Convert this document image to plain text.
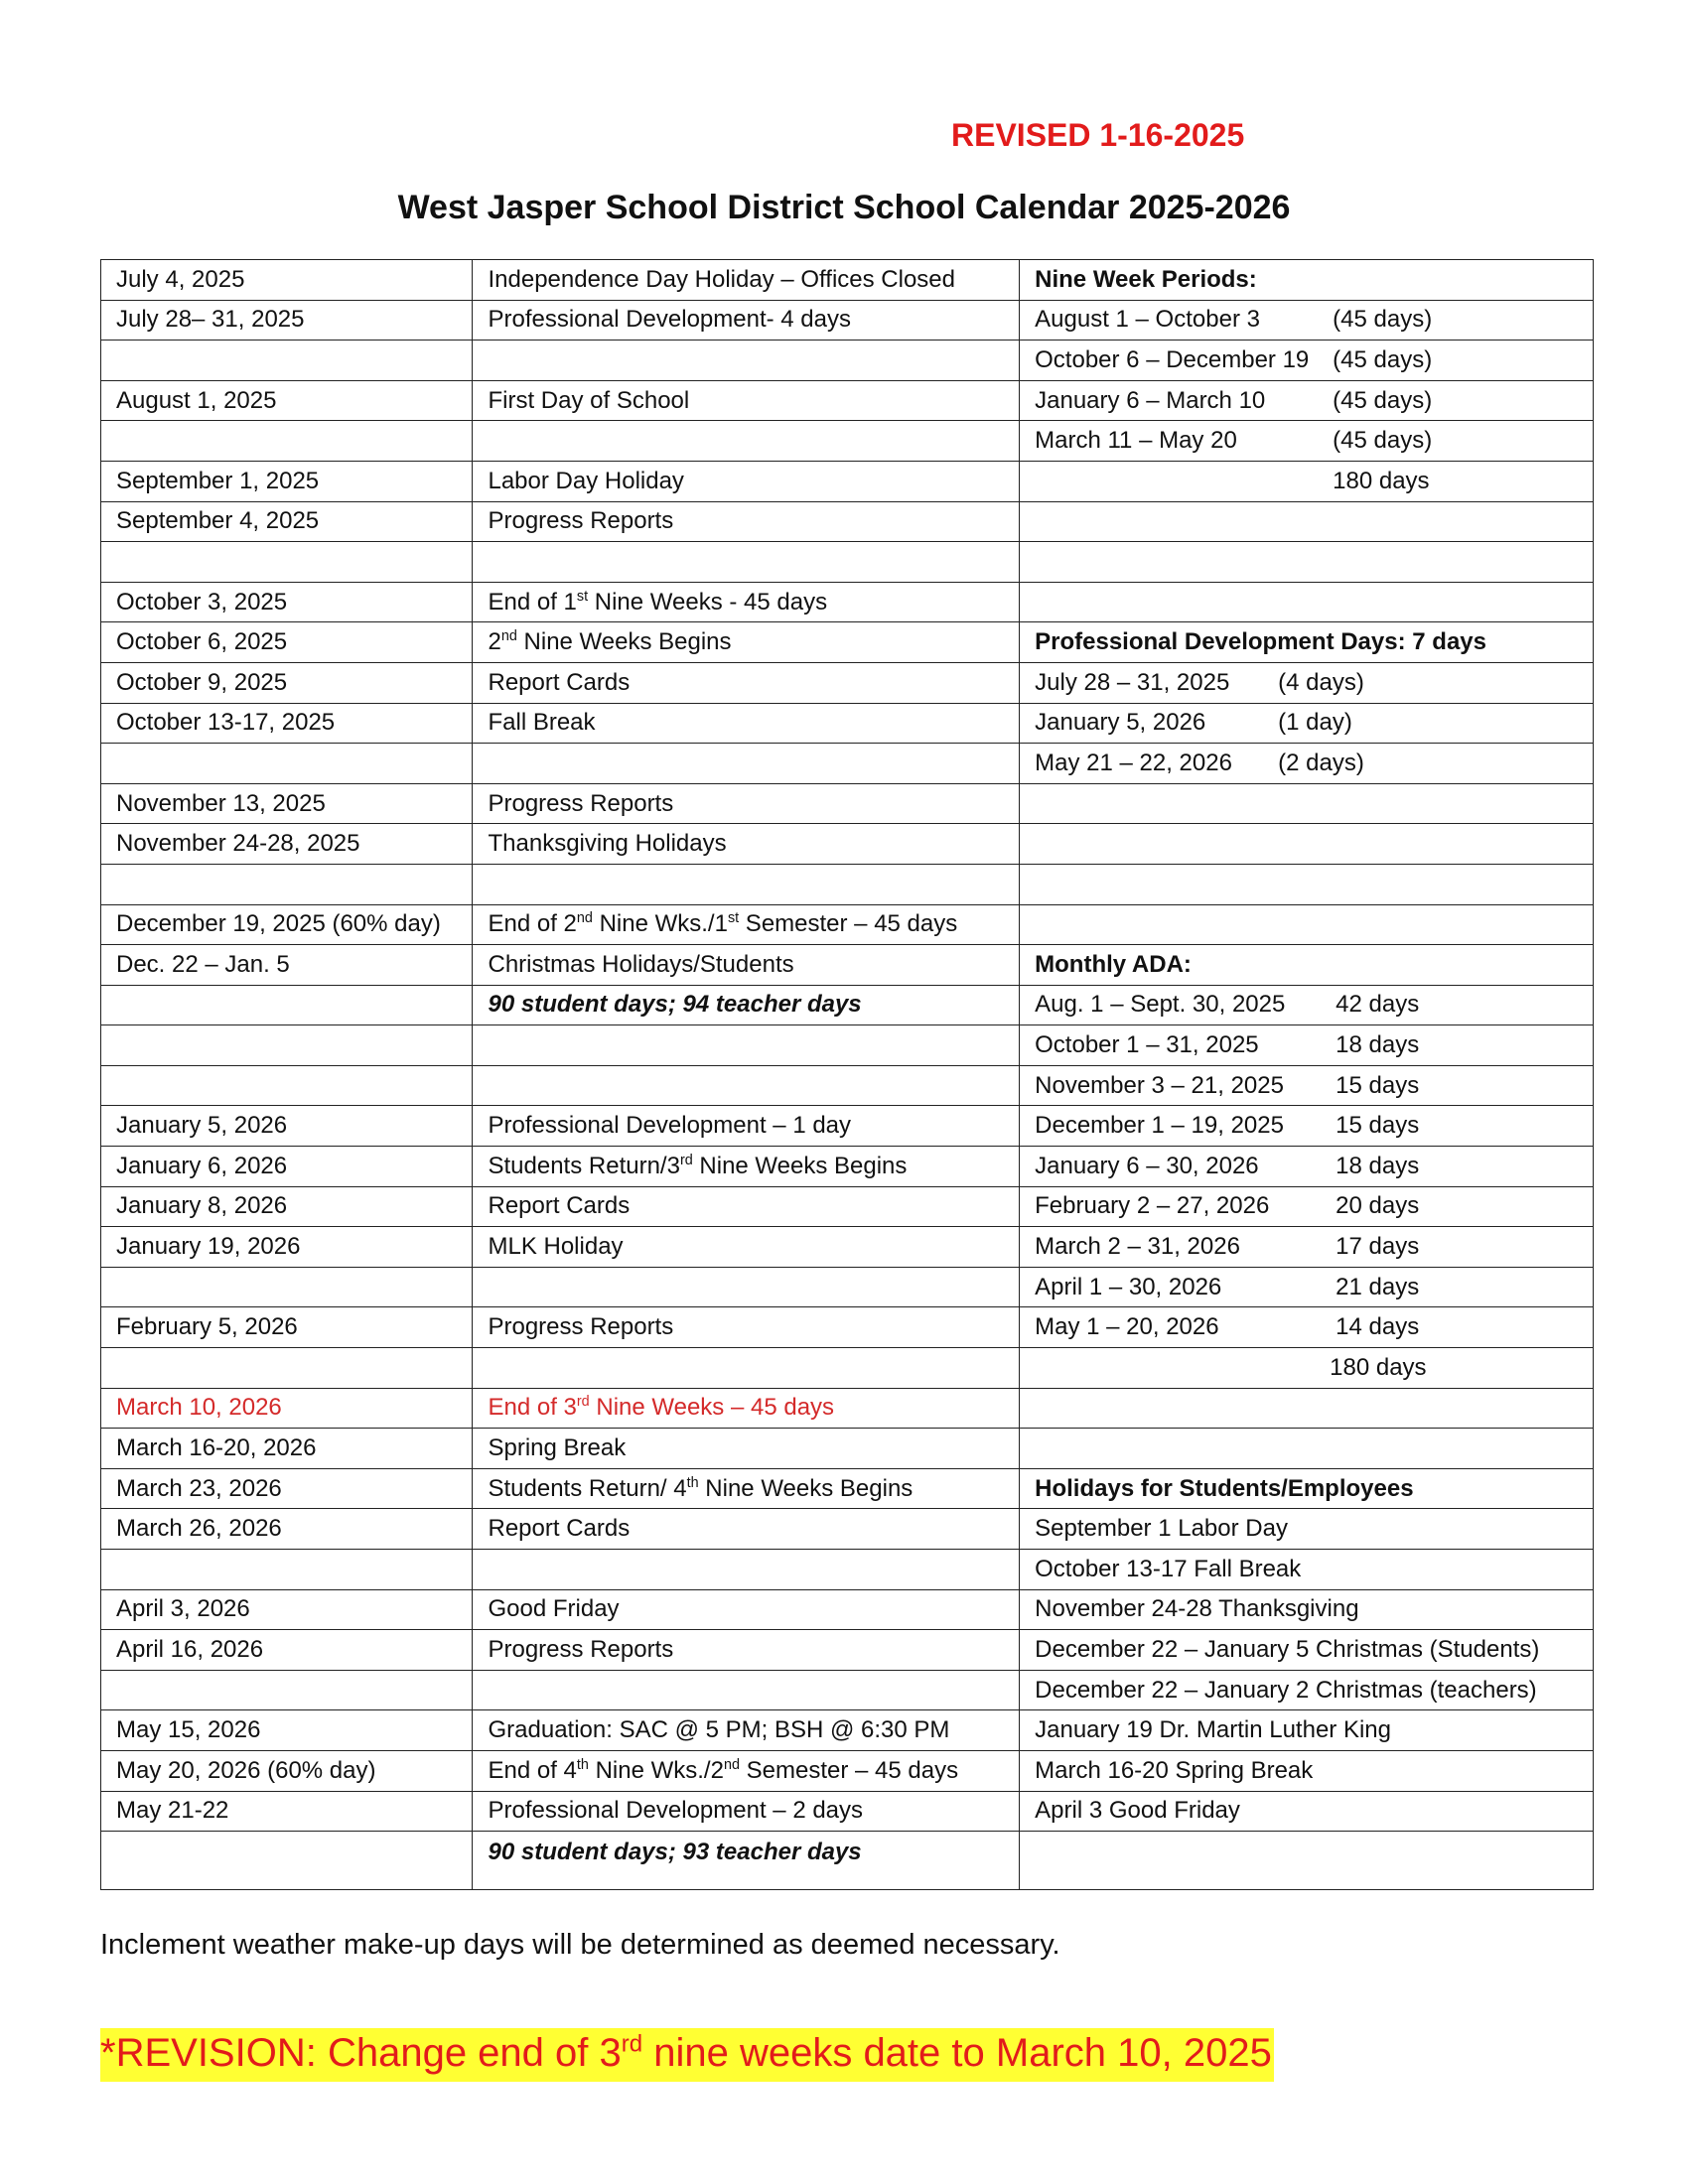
REVISED 1-16-2025
West Jasper School District School Calendar 2025-2026
July 4, 2025	Independence Day Holiday – Offices Closed	Nine Week Periods:
July 28– 31, 2025	Professional Development- 4 days	August 1 – October 3 (45 days)
		October 6 – December 19 (45 days)
August 1, 2025	First Day of School	January 6 – March 10 (45 days)
		March 11 – May 20 (45 days)
September 1, 2025	Labor Day Holiday	180 days
September 4, 2025	Progress Reports	

October 3, 2025	End of 1st Nine Weeks - 45 days	
October 6, 2025	2nd Nine Weeks Begins	Professional Development Days: 7 days
October 9, 2025	Report Cards	July 28 – 31, 2025 (4 days)
October 13-17, 2025	Fall Break	January 5, 2026 (1 day)
		May 21 – 22, 2026 (2 days)
November 13, 2025	Progress Reports	
November 24-28, 2025	Thanksgiving Holidays	

December 19, 2025 (60% day)	End of 2nd Nine Wks./1st Semester – 45 days	
Dec. 22 – Jan. 5	Christmas Holidays/Students	Monthly ADA:
	90 student days; 94 teacher days	Aug. 1 – Sept. 30, 2025 42 days
		October 1 – 31, 2025 18 days
		November 3 – 21, 2025 15 days
January 5, 2026	Professional Development – 1 day	December 1 – 19, 2025 15 days
January 6, 2026	Students Return/3rd Nine Weeks Begins	January 6 – 30, 2026 18 days
January 8, 2026	Report Cards	February 2 – 27, 2026 20 days
January 19, 2026	MLK Holiday	March 2 – 31, 2026 17 days
		April 1 – 30, 2026 21 days
February 5, 2026	Progress Reports	May 1 – 20, 2026 14 days
		180 days
March 10, 2026	End of 3rd Nine Weeks – 45 days	
March 16-20, 2026	Spring Break	
March 23, 2026	Students Return/ 4th Nine Weeks Begins	Holidays for Students/Employees
March 26, 2026	Report Cards	September 1 Labor Day
		October 13-17 Fall Break
April 3, 2026	Good Friday	November 24-28 Thanksgiving
April 16, 2026	Progress Reports	December 22 – January 5 Christmas (Students)
		December 22 – January 2 Christmas (teachers)
May 15, 2026	Graduation: SAC @ 5 PM; BSH @ 6:30 PM	January 19 Dr. Martin Luther King
May 20, 2026 (60% day)	End of 4th Nine Wks./2nd Semester – 45 days	March 16-20 Spring Break
May 21-22	Professional Development – 2 days	April 3 Good Friday
	90 student days; 93 teacher days	
Inclement weather make-up days will be determined as deemed necessary.
*REVISION: Change end of 3rd nine weeks date to March 10, 2025
